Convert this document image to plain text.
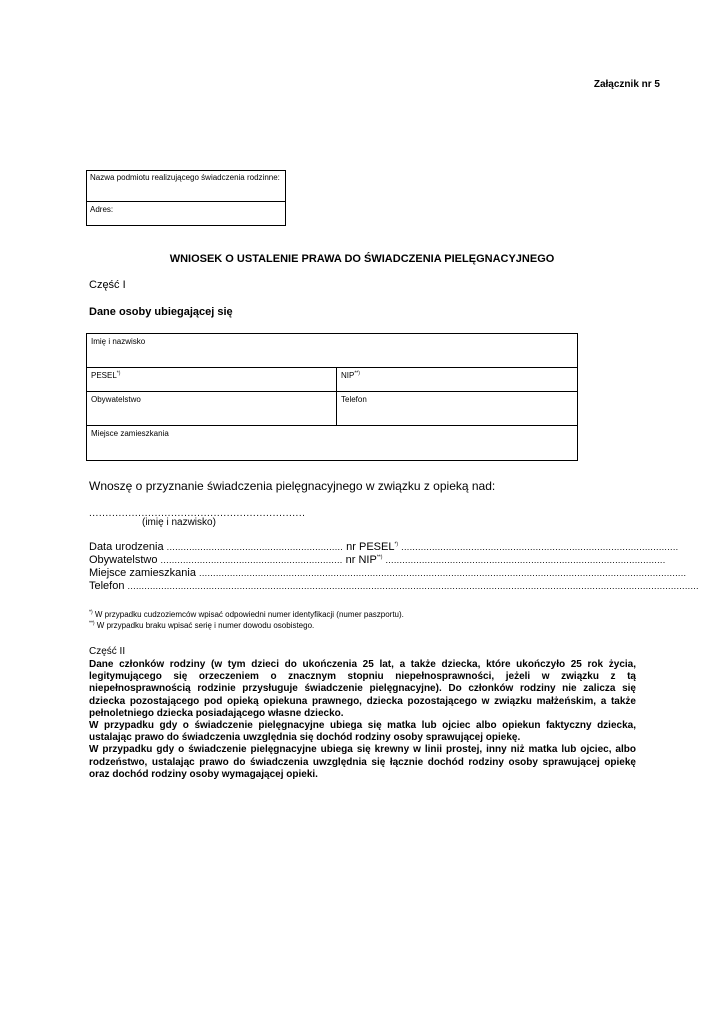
Załącznik nr 5
Nazwa podmiotu realizującego świadczenia rodzinne:
Adres:
WNIOSEK O USTALENIE PRAWA DO ŚWIADCZENIA PIELĘGNACYJNEGO
Część I
Dane osoby ubiegającej się
Imię i nazwisko
PESEL*)	NIP**)
Obywatelstwo	Telefon
Miejsce zamieszkania
Wnoszę o przyznanie świadczenia pielęgnacyjnego w związku z opieką nad:
..................................................................
(imię i nazwisko)
Data urodzenia ............................................................... nr PESEL*) ...................................................................................................
Obywatelstwo ................................................................. nr NIP**) ....................................................................................................
Miejsce zamieszkania ..............................................................................................................................................................................
Telefon ............................................................................................................................................................................................................
*) W przypadku cudzoziemców wpisać odpowiedni numer identyfikacji (numer paszportu).
**) W przypadku braku wpisać serię i numer dowodu osobistego.
Część II

Dane członków rodziny (w tym dzieci do ukończenia 25 lat, a także dziecka, które ukończyło 25 rok życia, legitymującego się orzeczeniem o znacznym stopniu niepełnosprawności, jeżeli w związku z tą niepełnosprawnością rodzinie przysługuje świadczenie pielęgnacyjne). Do członków rodziny nie zalicza się dziecka pozostającego pod opieką opiekuna prawnego, dziecka pozostającego w związku małżeńskim, a także pełnoletniego dziecka posiadającego własne dziecko.

W przypadku gdy o świadczenie pielęgnacyjne ubiega się matka lub ojciec albo opiekun faktyczny dziecka, ustalając prawo do świadczenia uwzględnia się dochód rodziny osoby sprawującej opiekę.

W przypadku gdy o świadczenie pielęgnacyjne ubiega się krewny w linii prostej, inny niż matka lub ojciec, albo rodzeństwo, ustalając prawo do świadczenia uwzględnia się łącznie dochód rodziny osoby sprawującej opiekę oraz dochód rodziny osoby wymagającej opieki.
